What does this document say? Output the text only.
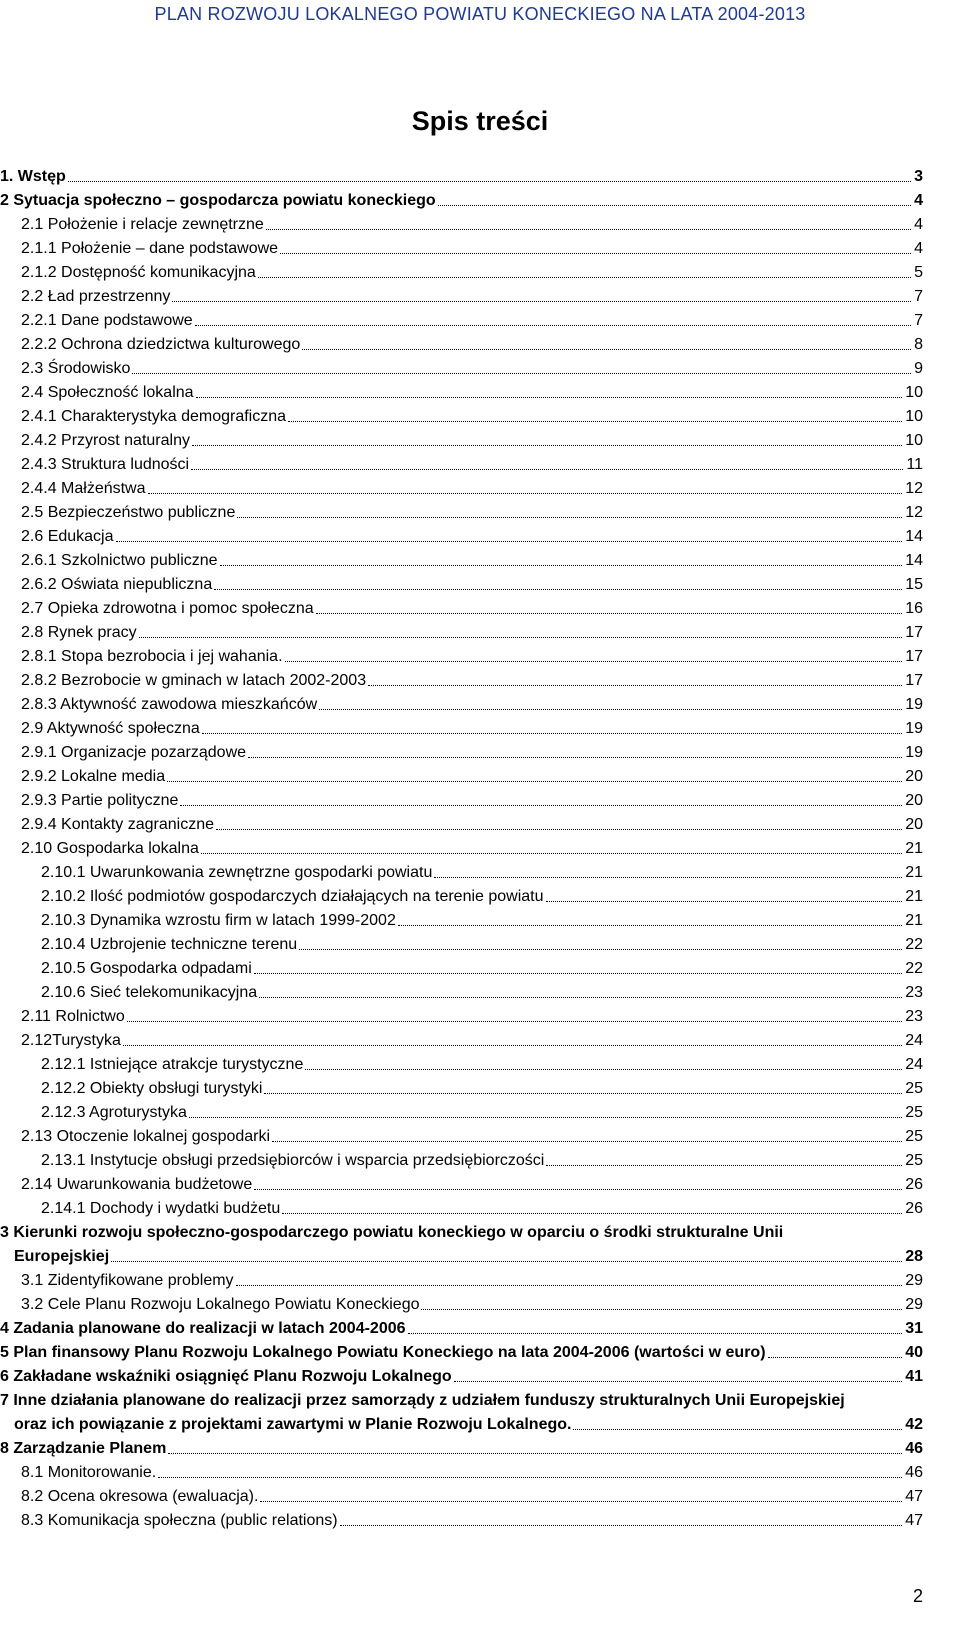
PLAN ROZWOJU LOKALNEGO POWIATU KONECKIEGO NA LATA 2004-2013
Spis treści
1. Wstęp	3
2 Sytuacja społeczno – gospodarcza powiatu koneckiego	4
2.1 Położenie i relacje zewnętrzne	4
2.1.1 Położenie – dane podstawowe	4
2.1.2 Dostępność komunikacyjna	5
2.2 Ład przestrzenny	7
2.2.1 Dane podstawowe	7
2.2.2 Ochrona dziedzictwa kulturowego	8
2.3 Środowisko	9
2.4 Społeczność lokalna	10
2.4.1 Charakterystyka demograficzna	10
2.4.2 Przyrost naturalny	10
2.4.3 Struktura ludności	11
2.4.4 Małżeństwa	12
2.5 Bezpieczeństwo publiczne	12
2.6 Edukacja	14
2.6.1 Szkolnictwo publiczne	14
2.6.2 Oświata niepubliczna	15
2.7 Opieka zdrowotna i pomoc społeczna	16
2.8 Rynek pracy	17
2.8.1 Stopa bezrobocia i jej wahania.	17
2.8.2 Bezrobocie w gminach w latach 2002-2003	17
2.8.3 Aktywność zawodowa mieszkańców	19
2.9 Aktywność społeczna	19
2.9.1 Organizacje pozarządowe	19
2.9.2 Lokalne media	20
2.9.3 Partie polityczne	20
2.9.4 Kontakty zagraniczne	20
2.10 Gospodarka lokalna	21
2.10.1 Uwarunkowania zewnętrzne gospodarki powiatu	21
2.10.2 Ilość podmiotów gospodarczych działających na terenie powiatu	21
2.10.3 Dynamika wzrostu firm w latach 1999-2002	21
2.10.4 Uzbrojenie techniczne terenu	22
2.10.5 Gospodarka odpadami	22
2.10.6 Sieć telekomunikacyjna	23
2.11 Rolnictwo	23
2.12Turystyka	24
2.12.1 Istniejące atrakcje turystyczne	24
2.12.2 Obiekty obsługi turystyki	25
2.12.3 Agroturystyka	25
2.13 Otoczenie lokalnej gospodarki	25
2.13.1 Instytucje obsługi przedsiębiorców i wsparcia przedsiębiorczości	25
2.14 Uwarunkowania budżetowe	26
2.14.1 Dochody i wydatki budżetu	26
3 Kierunki rozwoju społeczno-gospodarczego powiatu koneckiego w oparciu o środki strukturalne Unii
Europejskiej	28
3.1 Zidentyfikowane problemy	29
3.2 Cele Planu Rozwoju Lokalnego Powiatu Koneckiego	29
4 Zadania planowane do realizacji w latach 2004-2006	31
5 Plan finansowy Planu Rozwoju Lokalnego Powiatu Koneckiego na lata 2004-2006 (wartości w euro)	40
6 Zakładane wskaźniki osiągnięć Planu Rozwoju Lokalnego	41
7 Inne działania planowane do realizacji przez samorządy z udziałem funduszy strukturalnych Unii Europejskiej
oraz ich powiązanie z projektami zawartymi w Planie Rozwoju Lokalnego.	42
8 Zarządzanie Planem	46
8.1 Monitorowanie.	46
8.2 Ocena okresowa (ewaluacja).	47
8.3 Komunikacja społeczna (public relations)	47
2
